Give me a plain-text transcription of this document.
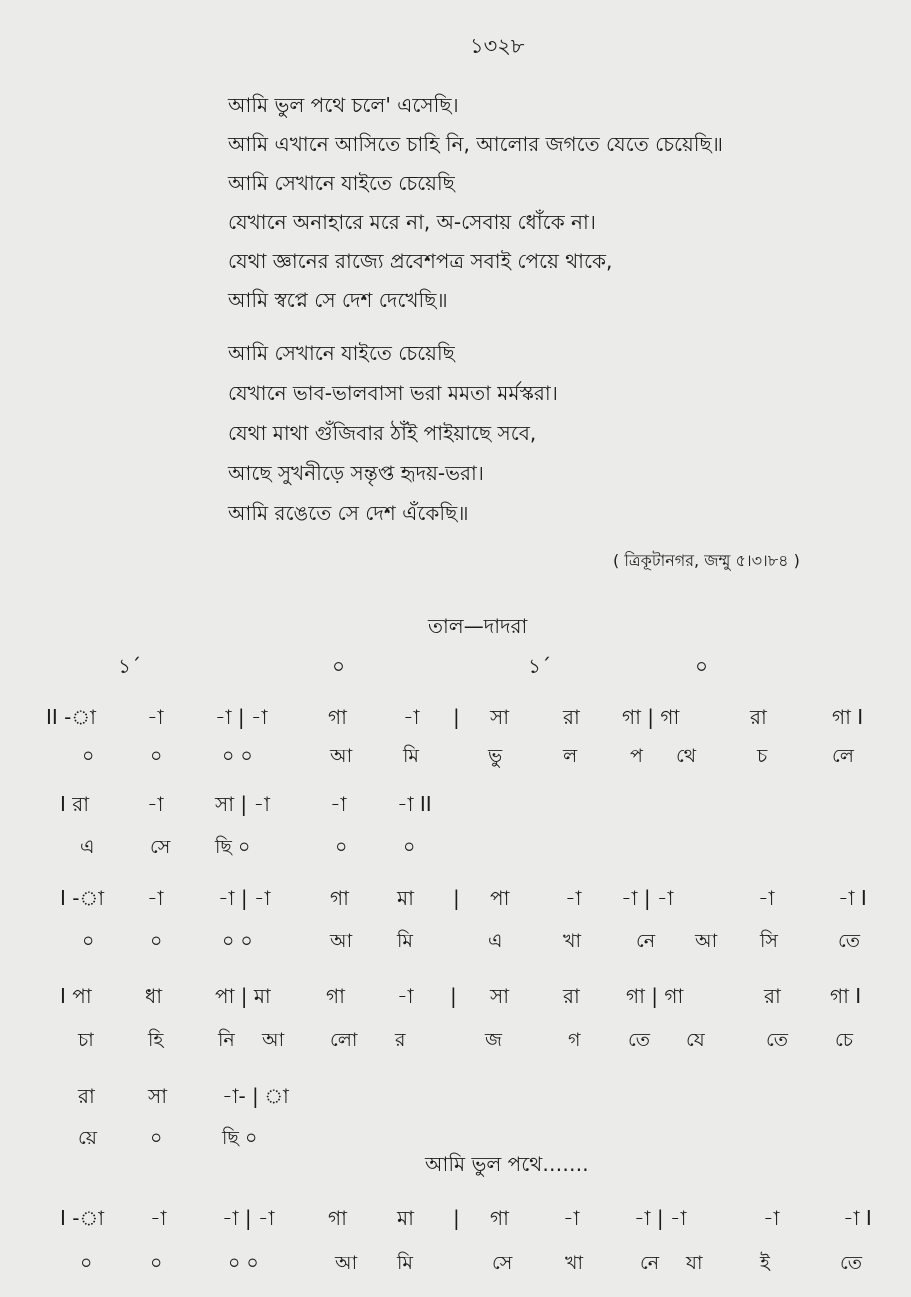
১৩২৮
আমি ভুল পথে চলে' এসেছি।
আমি এখানে আসিতে চাহি নি, আলোর জগতে যেতে চেয়েছি॥
আমি সেখানে যাইতে চেয়েছি
যেখানে অনাহারে মরে না, অ-সেবায় ধোঁকে না।
যেথা জ্ঞানের রাজ্যে প্রবেশপত্র সবাই পেয়ে থাকে,
আমি স্বপ্নে সে দেশ দেখেছি॥
আমি সেখানে যাইতে চেয়েছি
যেখানে ভাব-ভালবাসা ভরা মমতা মর্মস্করা।
যেথা মাথা গুঁজিবার ঠাঁই পাইয়াছে সবে,
আছে সুখনীড়ে সম্তৃপ্ত হৃদয়-ভরা।
আমি রঙেতে সে দেশ এঁকেছি॥
( ত্রিকূটানগর, জম্মু ৫।৩।৮৪ )
তাল—দাদরা
১´	০	১´	০
II -া	-া	-া | -া	গা	-া | সা	রা গা | গা	রা	গা I
০	০	০ ০	আ	মি	ভু	ল	প থে	চ	লে
I রা	-া	সা | -া	-া	-া II
এ	সে ছি ০	০	০
I -া -া	-া | -া	গা মা | পা	-া -া | -া	-া	-া I
০	০	০ ০	আ মি	এ	খা	নে আ সি	তে
I পা	ধা	পা | মা	গা	-া | সা	রা গা | গা	রা গা I
চা	হি	নি আ লো র	জ	গ	তে যে	তে চে
রা	সা	-া- | া
য়ে	০	ছি ০
আমি ভুল পথে…….
I -া -া	-া | -া	গা	মা | গা	-া	-া | -া	-া	-া I
০	০	০ ০	আ মি	সে	খা	নে যা	ই	তে
